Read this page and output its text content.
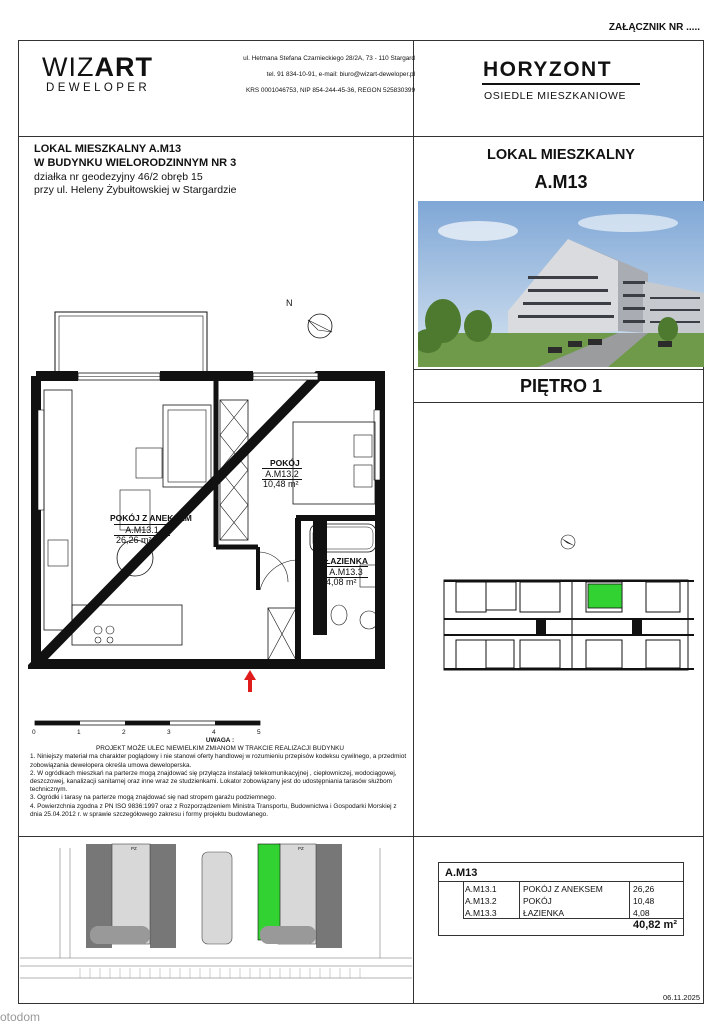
ZAŁĄCZNIK NR .....
WIZART
DEWELOPER
ul. Hetmana Stefana Czarnieckiego 28/2A, 73 - 110 Stargard
tel. 91 834-10-91, e-mail: biuro@wizart-deweloper.pl
KRS 0001046753, NIP 854-244-45-36, REGON 525830399
HORYZONT
OSIEDLE MIESZKANIOWE
LOKAL MIESZKALNY A.M13
W BUDYNKU WIELORODZINNYM NR 3
działka nr geodezyjny 46/2 obręb 15
przy ul. Heleny Żybułtowskiej w Stargardzie
LOKAL MIESZKALNY
A.M13
PIĘTRO 1
N
POKÓJ Z ANEKSEM
A.M13.1
26,26 m²
POKÓJ
A.M13.2
10,48 m²
ŁAZIENKA
A.M13.3
4,08 m²
0	1	2	3	4	5
UWAGA :
PROJEKT MOŻE ULEC NIEWIELKIM ZMIANOM W TRAKCIE REALIZACJI BUDYNKU
1. Niniejszy materiał ma charakter poglądowy i nie stanowi oferty handlowej w rozumieniu przepisów kodeksu cywilnego, a przedmiot zobowiązania dewelopera określa umowa deweloperska.
2. W ogródkach mieszkań na parterze mogą znajdować się przyłącza instalacji telekomunikacyjnej , ciepłowniczej, wodociągowej, deszczowej, kanalizacji sanitarnej oraz inne wraz ze studzienkami. Lokator zobowiązany jest do udostępniania tarasów służbom technicznym.
3. Ogródki i tarasy na parterze mogą znajdować się nad stropem garażu podziemnego.
4. Powierzchnia zgodna z PN ISO 9836:1997 oraz z Rozporządzeniem Ministra Transportu, Budownictwa i Gospodarki Morskiej z dnia 25.04.2012 r. w sprawie szczegółowego zakresu i formy projektu budowlanego.
PZ	PZ
A.M13
A.M13.1	POKÓJ Z ANEKSEM	26,26
A.M13.2	POKÓJ	10,48
A.M13.3	ŁAZIENKA	4,08
40,82 m²
06.11.2025
otodom
